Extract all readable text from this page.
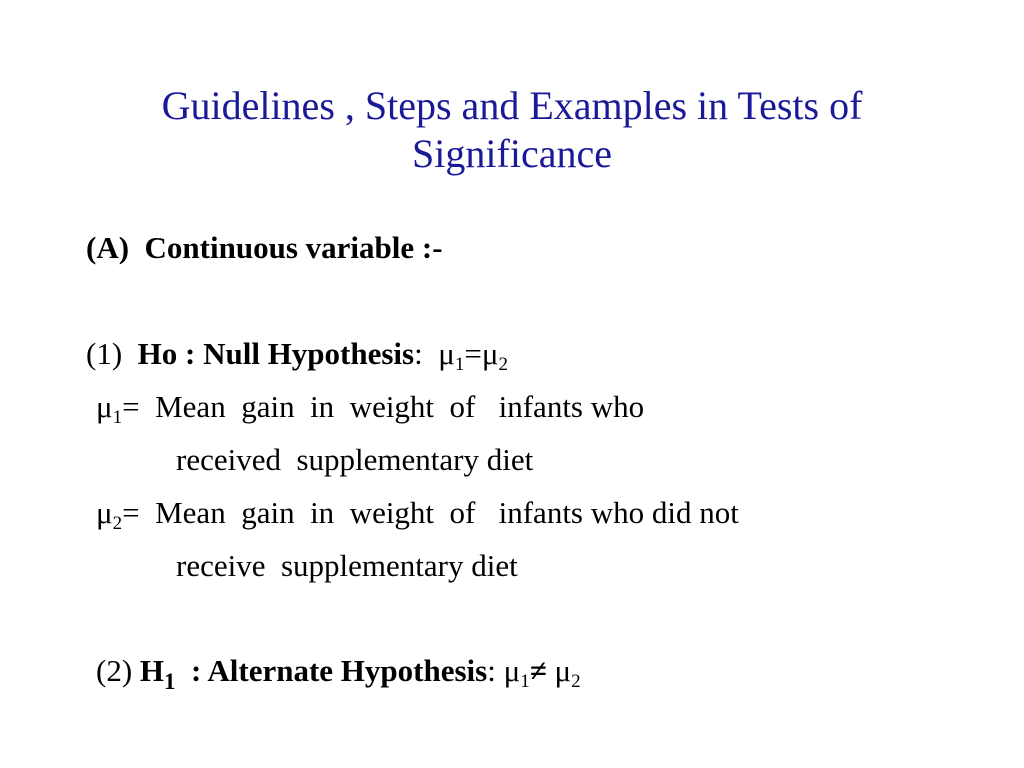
Guidelines , Steps and Examples in Tests of
Significance
(A)  Continuous variable :-
(1)  Ho : Null Hypothesis:  $\mu_1=\mu_2$
$\mu_1=$  Mean  gain  in  weight  of   infants who
received  supplementary diet
$\mu_2=$  Mean  gain  in  weight  of   infants who did not
receive  supplementary diet
(2) $H_1$  : Alternate Hypothesis: $\mu_1\ne \mu_2$
